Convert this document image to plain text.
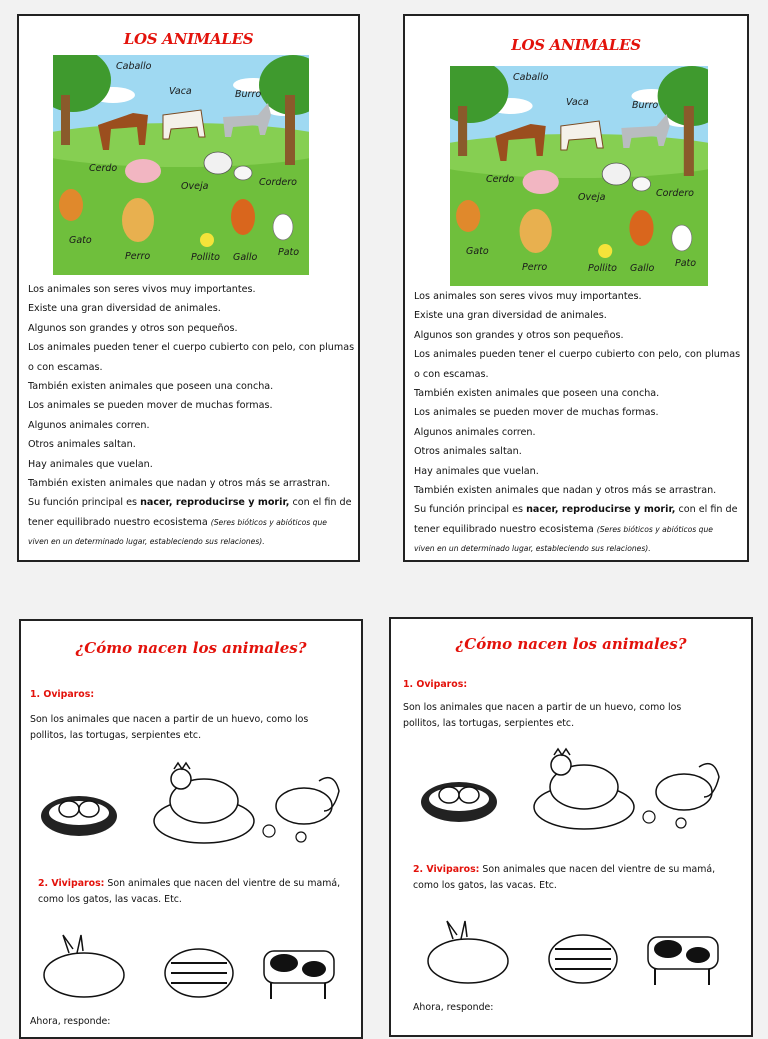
LOS ANIMALES
Caballo
Vaca	Burro
Cerdo
Oveja	Cordero
Gato
Perro	Pollito Gallo Pato
Los animales son seres vivos muy importantes.
Existe una gran diversidad de animales.
Algunos son grandes y otros son pequeños.
Los animales pueden tener el cuerpo cubierto con pelo, con plumas
o con escamas.
También existen animales que poseen una concha.
Los animales se pueden mover de muchas formas.
Algunos animales corren.
Otros animales saltan.
Hay animales que vuelan.
También existen animales que nadan y otros más se arrastran.
Su función principal es nacer, reproducirse y morir, con el fin de
tener equilibrado nuestro ecosistema (Seres bióticos y abióticos que
viven en un determinado lugar, estableciendo sus relaciones).
LOS ANIMALES
Caballo
Vaca	Burro
Cerdo
Oveja	Cordero
Gato
Perro	Pollito Gallo Pato
Los animales son seres vivos muy importantes.
Existe una gran diversidad de animales.
Algunos son grandes y otros son pequeños.
Los animales pueden tener el cuerpo cubierto con pelo, con plumas
o con escamas.
También existen animales que poseen una concha.
Los animales se pueden mover de muchas formas.
Algunos animales corren.
Otros animales saltan.
Hay animales que vuelan.
También existen animales que nadan y otros más se arrastran.
Su función principal es nacer, reproducirse y morir, con el fin de
tener equilibrado nuestro ecosistema (Seres bióticos y abióticos que
viven en un determinado lugar, estableciendo sus relaciones).
¿Cómo nacen los animales?
1. Oviparos:
Son los animales que nacen a partir de un huevo, como los
pollitos, las tortugas, serpientes etc.
2. Viviparos: Son animales que nacen del vientre de su mamá,
como los gatos, las vacas. Etc.
Ahora, responde:
¿Cómo nacen los animales?
1. Oviparos:
Son los animales que nacen a partir de un huevo, como los
pollitos, las tortugas, serpientes etc.
2. Viviparos: Son animales que nacen del vientre de su mamá,
como los gatos, las vacas. Etc.
Ahora, responde:
